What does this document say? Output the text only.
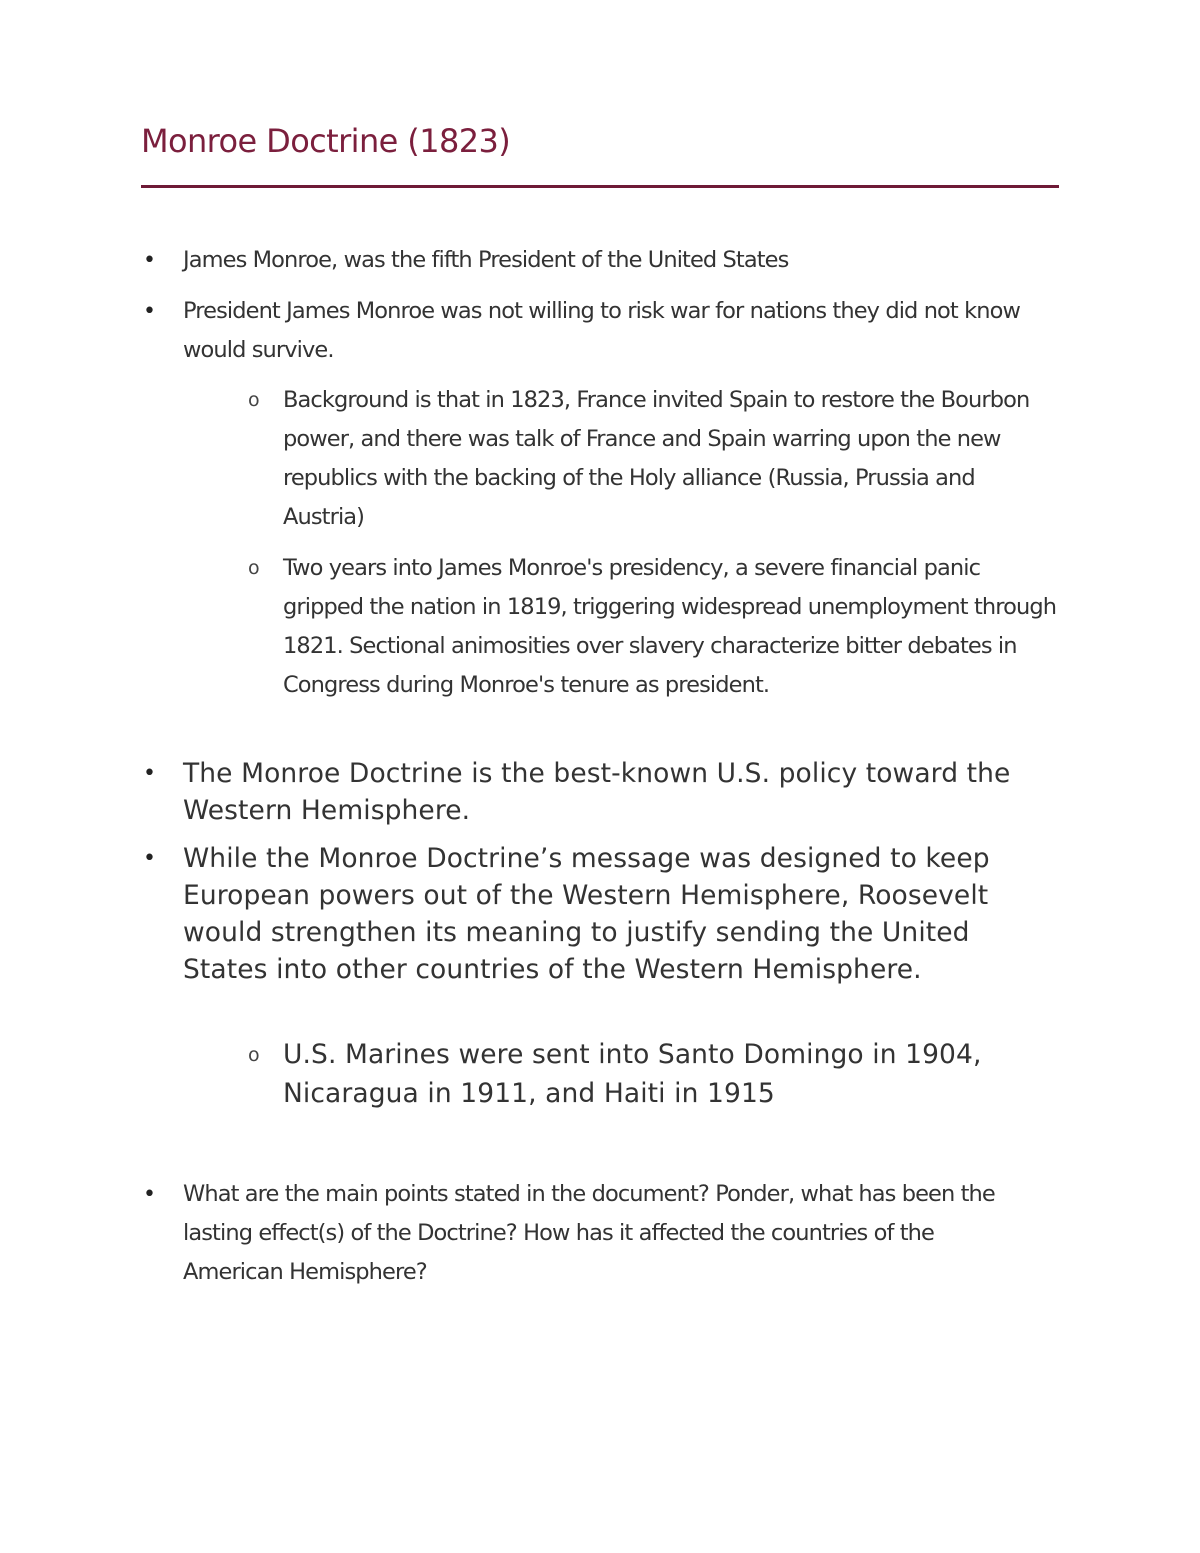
Monroe Doctrine (1823)
• James Monroe, was the fifth President of the United States
• President James Monroe was not willing to risk war for nations they did not know would survive.
o Background is that in 1823, France invited Spain to restore the Bourbon power, and there was talk of France and Spain warring upon the new republics with the backing of the Holy alliance (Russia, Prussia and Austria)
o Two years into James Monroe's presidency, a severe financial panic gripped the nation in 1819, triggering widespread unemployment through 1821. Sectional animosities over slavery characterize bitter debates in Congress during Monroe's tenure as president.
• The Monroe Doctrine is the best-known U.S. policy toward the Western Hemisphere.
• While the Monroe Doctrine’s message was designed to keep European powers out of the Western Hemisphere, Roosevelt would strengthen its meaning to justify sending the United States into other countries of the Western Hemisphere.
o U.S. Marines were sent into Santo Domingo in 1904, Nicaragua in 1911, and Haiti in 1915
• What are the main points stated in the document? Ponder, what has been the lasting effect(s) of the Doctrine? How has it affected the countries of the American Hemisphere?
